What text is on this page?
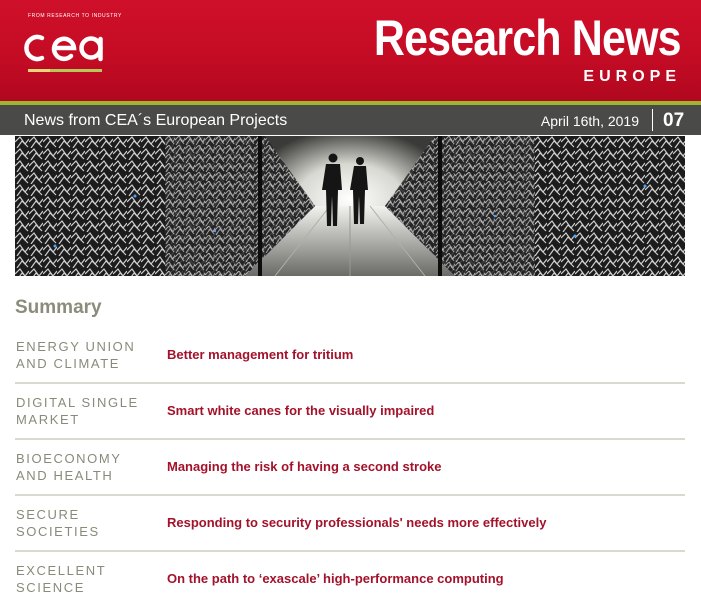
FROM RESEARCH TO INDUSTRY	Research News
EUROPE
News from CEA´s European Projects	April 16th, 2019 07
Summary
ENERGY UNION
AND CLIMATE
Better management for tritium
DIGITAL SINGLE
MARKET
Smart white canes for the visually impaired
BIOECONOMY
AND HEALTH
Managing the risk of having a second stroke
SECURE
SOCIETIES
Responding to security professionals' needs more effectively
EXCELLENT
SCIENCE
On the path to ‘exascale’ high-performance computing
